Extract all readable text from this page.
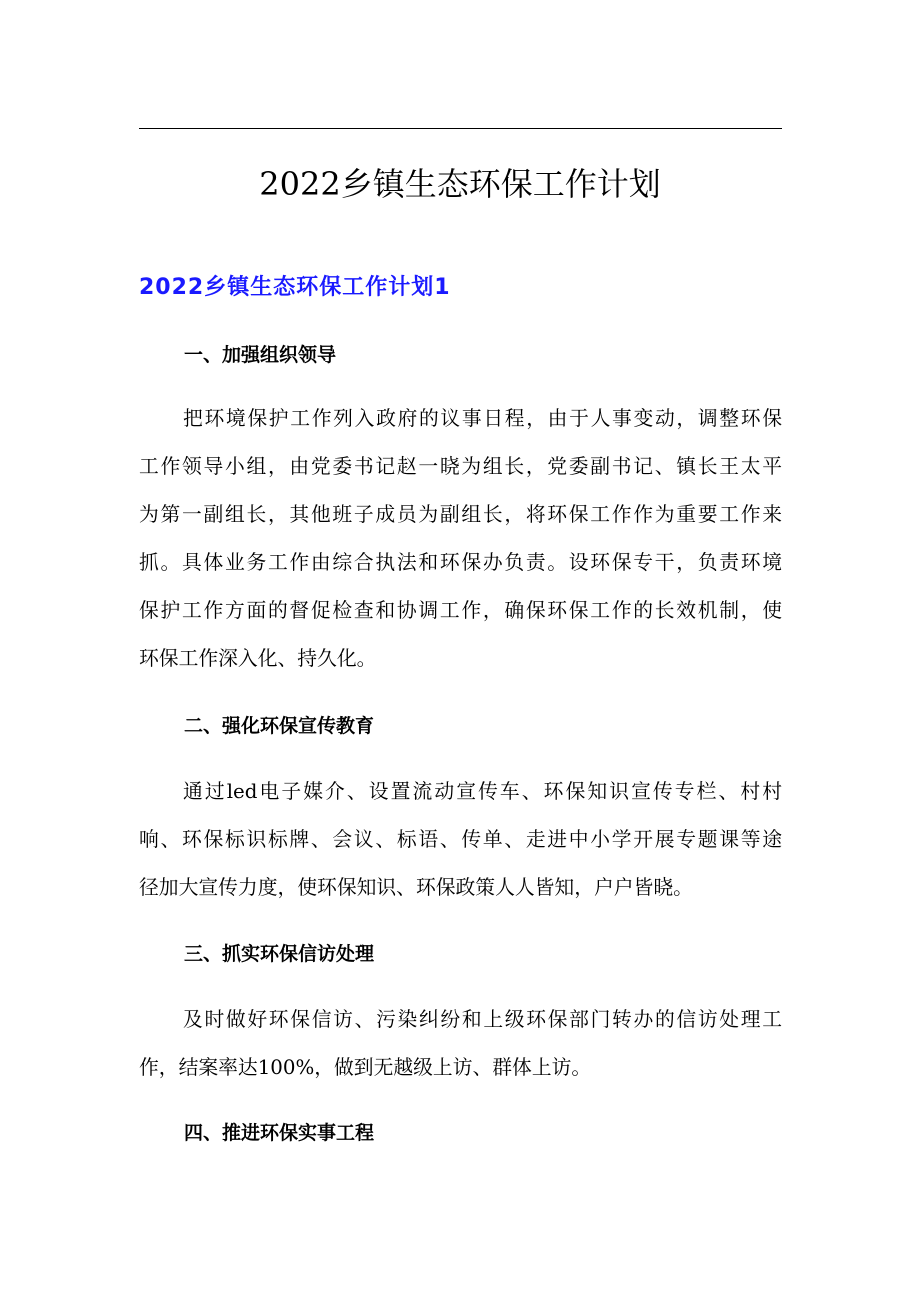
2022乡镇生态环保工作计划
2022乡镇生态环保工作计划1
一、加强组织领导
把环境保护工作列入政府的议事日程，由于人事变动，调整环保
工作领导小组，由党委书记赵一晓为组长，党委副书记、镇长王太平
为第一副组长，其他班子成员为副组长，将环保工作作为重要工作来
抓。具体业务工作由综合执法和环保办负责。设环保专干，负责环境
保护工作方面的督促检查和协调工作，确保环保工作的长效机制，使
环保工作深入化、持久化。
二、强化环保宣传教育
通过led电子媒介、设置流动宣传车、环保知识宣传专栏、村村
响、环保标识标牌、会议、标语、传单、走进中小学开展专题课等途
径加大宣传力度，使环保知识、环保政策人人皆知，户户皆晓。
三、抓实环保信访处理
及时做好环保信访、污染纠纷和上级环保部门转办的信访处理工
作，结案率达100%，做到无越级上访、群体上访。
四、推进环保实事工程
